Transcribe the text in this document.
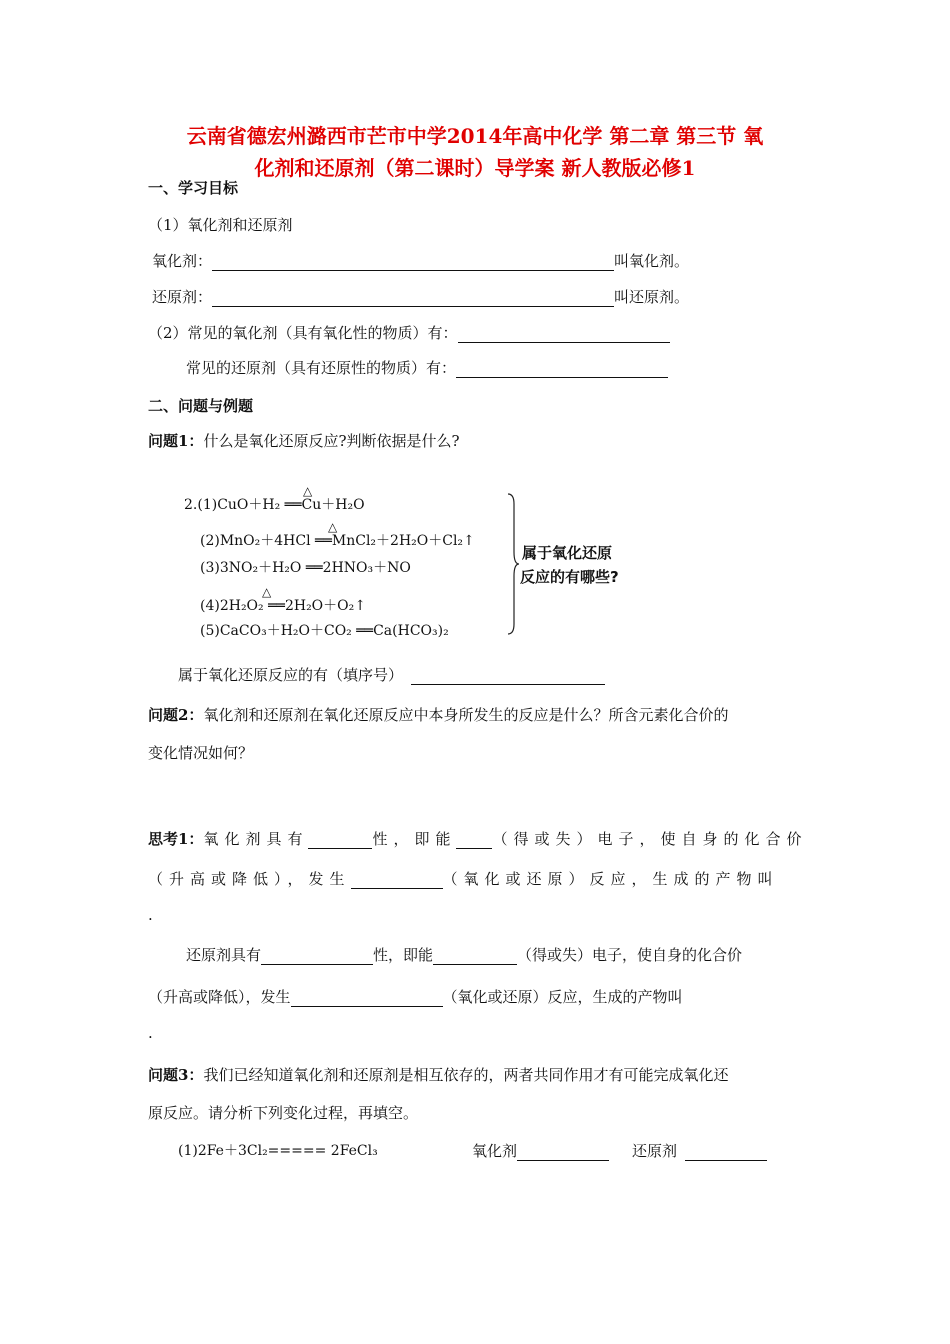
云南省德宏州潞西市芒市中学2014年高中化学 第二章 第三节 氧
化剂和还原剂（第二课时）导学案 新人教版必修1
一、学习目标
（1）氧化剂和还原剂
氧化剂：	叫氧化剂。
还原剂：	叫还原剂。
（2）常见的氧化剂（具有氧化性的物质）有：
常见的还原剂（具有还原性的物质）有：
二、问题与例题
问题1：什么是氧化还原反应?判断依据是什么?
2.(1)CuO＋H₂ ══Cu＋H₂O
△
(2)MnO₂＋4HCl ══MnCl₂＋2H₂O＋Cl₂↑
△
(3)3NO₂＋H₂O ══2HNO₃＋NO
(4)2H₂O₂ ══2H₂O＋O₂↑
△
(5)CaCO₃＋H₂O＋CO₂ ══Ca(HCO₃)₂
属于氧化还原
反应的有哪些?
属于氧化还原反应的有（填序号）
问题2：氧化剂和还原剂在氧化还原反应中本身所发生的反应是什么？所含元素化合价的
变化情况如何？
思考1：氧化剂具有	性，即能 （得或失）电子，使自身的化合价
（升高或降低），发生	（氧化或还原）反应，生成的产物叫
.
还原剂具有	性，即能	（得或失）电子，使自身的化合价
（升高或降低），发生	（氧化或还原）反应，生成的产物叫
.
问题3：我们已经知道氧化剂和还原剂是相互依存的，两者共同作用才有可能完成氧化还
原反应。请分析下列变化过程，再填空。
(1)2Fe＋3Cl₂===== 2FeCl₃	氧化剂	还原剂
